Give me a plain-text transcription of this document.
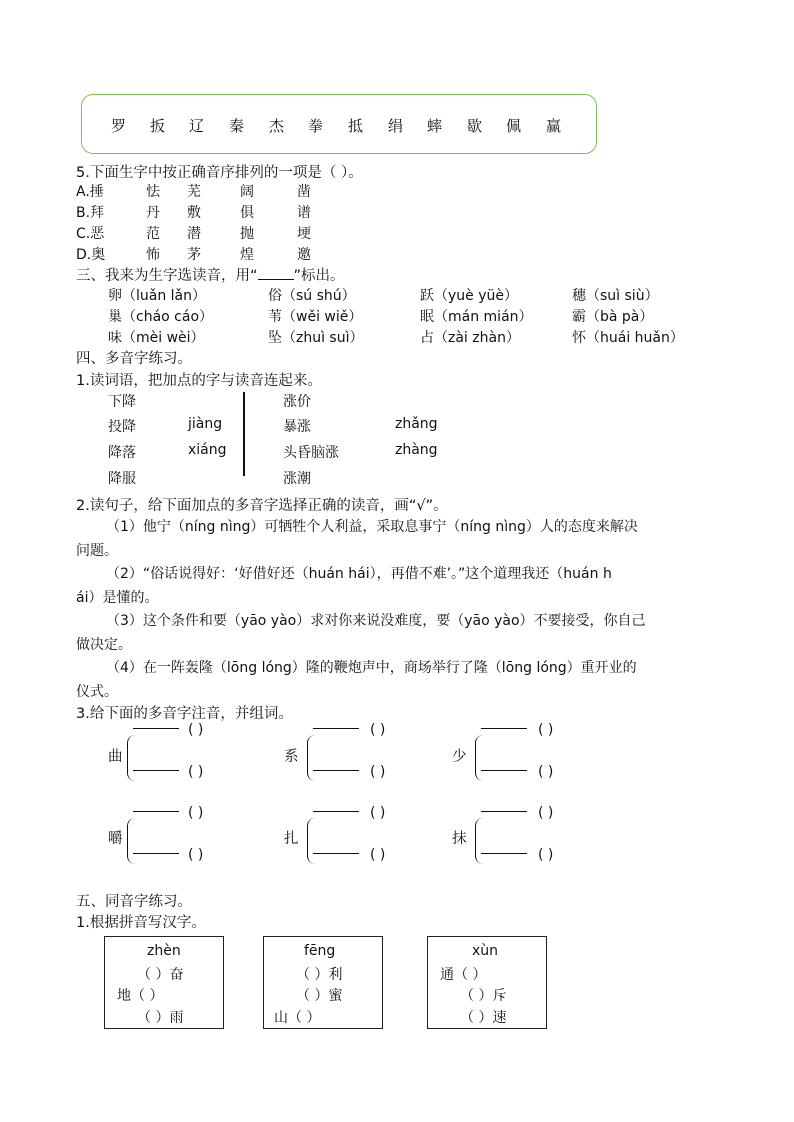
罗 扳 辽 秦 杰 拳 抵 绢 蟀 歇 佩 赢
5.下面生字中按正确音序排列的一项是（ ）。
A.捶	怯 芜	阔	凿
B.拜	丹 敷	俱	谱
C.恶	范 潜	抛	埂
D.奥	怖 茅	煌	邀
三、我来为生字选读音，用“ ”标出。
卵（luǎn lǎn）	俗（sú shú）	跃（yuè yüè）	穗（suì siù）
巢（cháo cáo）	苇（wěi wiě）	眠（mán mián）	霸（bà pà）
味（mèi wèi）	坠（zhuì suì）	占（zài zhàn）	怀（huái huǎn）
四、多音字练习。
1.读词语，把加点的字与读音连起来。
下降
投降
降落
降服
jiàng
xiáng
涨价
暴涨
头昏脑涨
涨潮
zhǎng
zhàng
2.读句子，给下面加点的多音字选择正确的读音，画“√”。
（1）他宁（níng nìng）可牺牲个人利益，采取息事宁（níng nìng）人的态度来解决
问题。
（2）“俗话说得好：‘好借好还（huán hái），再借不难’。”这个道理我还（huán h
ái）是懂的。
（3）这个条件和要（yāo yào）求对你来说没难度，要（yāo yào）不要接受，你自己
做决定。
（4）在一阵轰隆（lōng lóng）隆的鞭炮声中，商场举行了隆（lōng lóng）重开业的
仪式。
3.给下面的多音字注音，并组词。
曲
( )
( )
系
( )
( )
少
( )
( )
嚼
( )
( )
扎
( )
( )
抹
( )
( )
五、同音字练习。
1.根据拼音写汉字。
zhèn
（ ）奋
地（ ）
（ ）雨
fēng
（ ）利
（ ）蜜
山（ ）
xùn
通（ ）
（ ）斥
（ ）速
